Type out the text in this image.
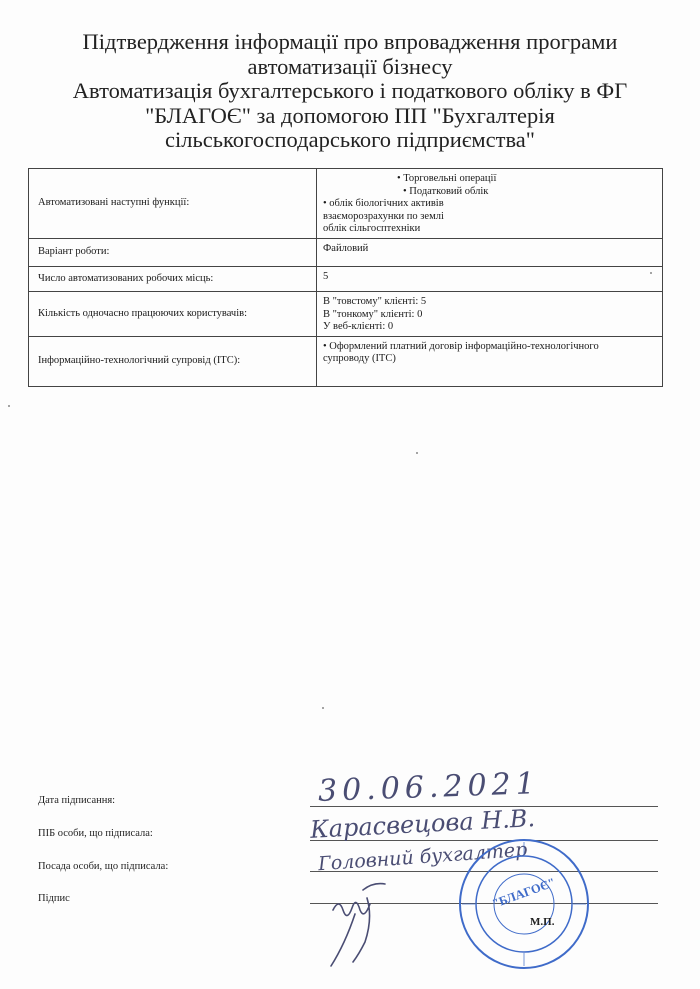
Підтвердження інформації про впровадження програми
автоматизації бізнесу
Автоматизація бухгалтерського і податкового обліку в ФГ
"БЛАГОЄ" за допомогою ПП "Бухгалтерія
сільськогосподарського підприємства"
Автоматизовані наступні функції:	• Торговельні операції
• Податковий облік
• облік біологічних активів
взаєморозрахунки по землі
облік сільгосптехніки

Варіант роботи:	Файловий

Число автоматизованих робочих місць:	5

Кількість одночасно працюючих користувачів:	В "товстому" клієнті: 5
В "тонкому" клієнті: 0
У веб-клієнті: 0

Інформаційно-технологічний супровід (ІТС):	• Оформлений платний договір інформаційно-технологічного
супроводу (ІТС)
Дата підписання:	30.06.2021
ПІБ особи, що підписала:	Карасвецова Н.В.
Посада особи, що підписала:	Головний бухгалтер
Підпис	"БЛАГОЄ"
М.П.
